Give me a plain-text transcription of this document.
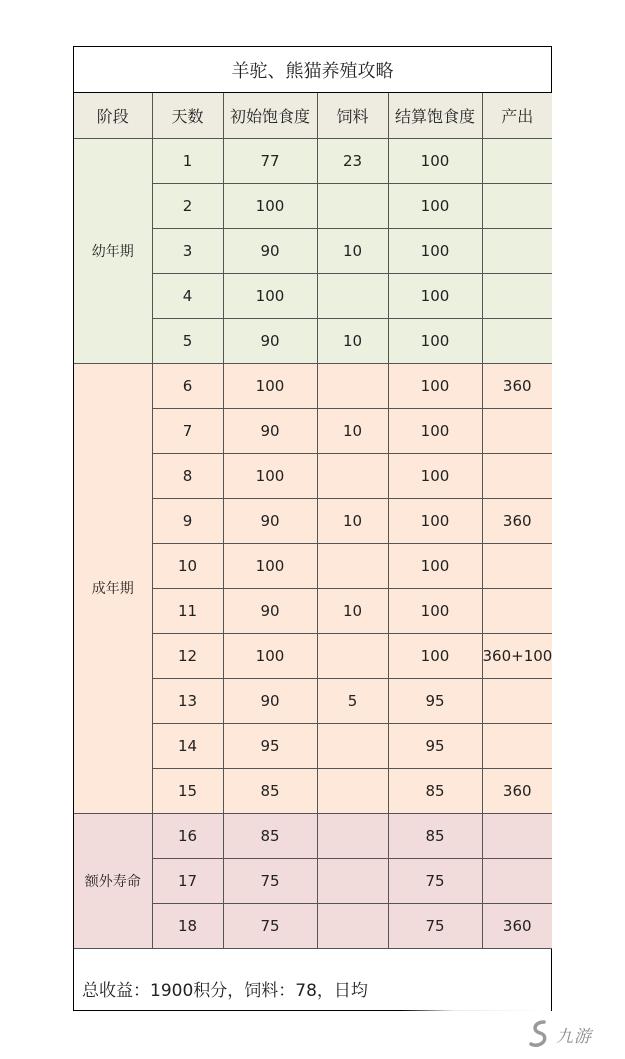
羊驼、熊猫养殖攻略
阶段	天数	初始饱食度	饲料	结算饱食度	产出
幼年期	1	77	23	100	
	2	100		100	
	3	90	10	100	
	4	100		100	
	5	90	10	100	
成年期	6	100		100	360
	7	90	10	100	
	8	100		100	
	9	90	10	100	360
	10	100		100	
	11	90	10	100	
	12	100		100	360+100
	13	90	5	95	
	14	95		95	
	15	85		85	360
额外寿命	16	85		85	
	17	75		75	
	18	75		75	360
总收益：1900积分，饲料：78，日均
九游
